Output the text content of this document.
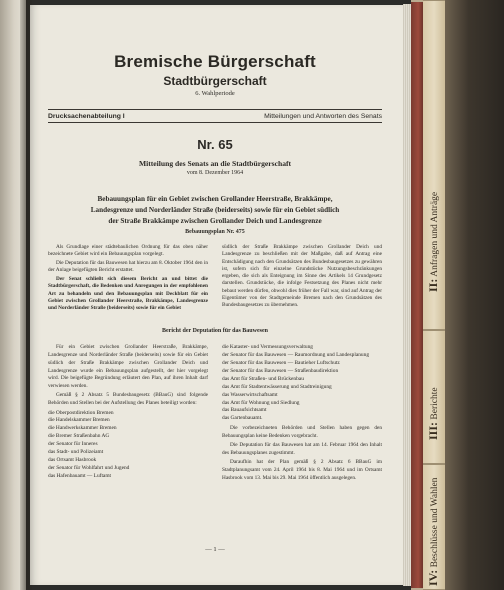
II: Anfragen und Anträge
III: Berichte
IV: Beschlüsse und Wahlen
Bremische Bürgerschaft
Stadtbürgerschaft
6. Wahlperiode
Drucksachenabteilung I	Mitteilungen und Antworten des Senats
Nr. 65
Mitteilung des Senats an die Stadtbürgerschaft
vom 8. Dezember 1964
Bebauungsplan für ein Gebiet zwischen Grollander Heerstraße, Brakkämpe,
Landesgrenze und Norderländer Straße (beiderseits) sowie für ein Gebiet südlich
der Straße Brakkämpe zwischen Grollander Deich und Landesgrenze
Bebauungsplan Nr. 475

Als Grundlage einer städtebaulichen Ordnung für das oben näher bezeichnete Gebiet wird ein Bebauungsplan vorgelegt.

Die Deputation für das Bauwesen hat hierzu am 8. Oktober 1964 den in der Anlage beigefügten Bericht erstattet.

Der Senat schließt sich diesem Bericht an und bittet die Stadtbürgerschaft, die Bedenken und Anregungen in der empfohlenen Art zu behandeln und den Bebauungsplan mit Deckblatt für ein Gebiet zwischen Grollander Heerstraße, Brakkämpe, Landesgrenze und Norderländer Straße (beiderseits) sowie für ein Gebiet

südlich der Straße Brakkämpe zwischen Grollander Deich und Landesgrenze zu beschließen mit der Maßgabe, daß auf Antrag eine Entschädigung nach den Grundsätzen des Bundesbaugesetzes zu gewähren ist, sofern sich für einzelne Grundstücke Nutzungsbeschränkungen ergeben, die sich als Enteignung im Sinne des Artikels 14 Grundgesetz darstellen. Grundstücke, die infolge Festsetzung des Planes nicht mehr bebaut werden dürfen, obwohl dies früher der Fall war, sind auf Antrag der Eigentümer von der Stadtgemeinde Bremen nach den Grundsätzen des Bundesbaugesetzes zu übernehmen.

Bericht der Deputation für das Bauwesen

Für ein Gebiet zwischen Grollander Heerstraße, Brakkämpe, Landesgrenze und Norderländer Straße (beiderseits) sowie für ein Gebiet südlich der Straße Brakkämpe zwischen Grollander Deich und Landesgrenze wurde ein Bebauungsplan aufgestellt, der hier vorgelegt wird. Die beigefügte Begründung erläutert den Plan, auf ihren Inhalt darf verwiesen werden.

Gemäß § 2 Absatz 5 Bundesbaugesetz (BBauG) sind folgende Behörden und Stellen bei der Aufstellung des Planes beteiligt worden:

die Oberpostdirektion Bremen
die Handelskammer Bremen
die Handwerkskammer Bremen
die Bremer Straßenbahn AG
der Senator für Inneres
das Stadt- und Polizeiamt
das Ortsamt Hasbrook
der Senator für Wohlfahrt und Jugend
das Hafenbauamt — Luftamt
die Kataster- und Vermessungsverwaltung
der Senator für das Bauwesen — Raumordnung und Landesplanung
der Senator für das Bauwesen — Bautieher Luftschutz
der Senator für das Bauwesen — Straßenbaudirektion
das Amt für Straßen- und Brückenbau
das Amt für Stadtentwässerung und Stadtreinigung
das Wasserwirtschaftsamt
das Amt für Wohnung und Siedlung
das Bauaufsichtsamt
das Gartenbauamt.

Die vorbezeichneten Behörden und Stellen haben gegen den Bebauungsplan keine Bedenken vorgebracht.

Die Deputation für das Bauwesen hat am 14. Februar 1964 den Inhalt des Bebauungsplanes zugestimmt.

Daraufhin hat der Plan gemäß § 2 Absatz 6 BBauG im Stadtplanungsamt vom 24. April 1964 bis 8. Mai 1964 und im Ortsamt Hasbrook vom 13. Mai bis 29. Mai 1964 öffentlich ausgelegen.

— 1 —
